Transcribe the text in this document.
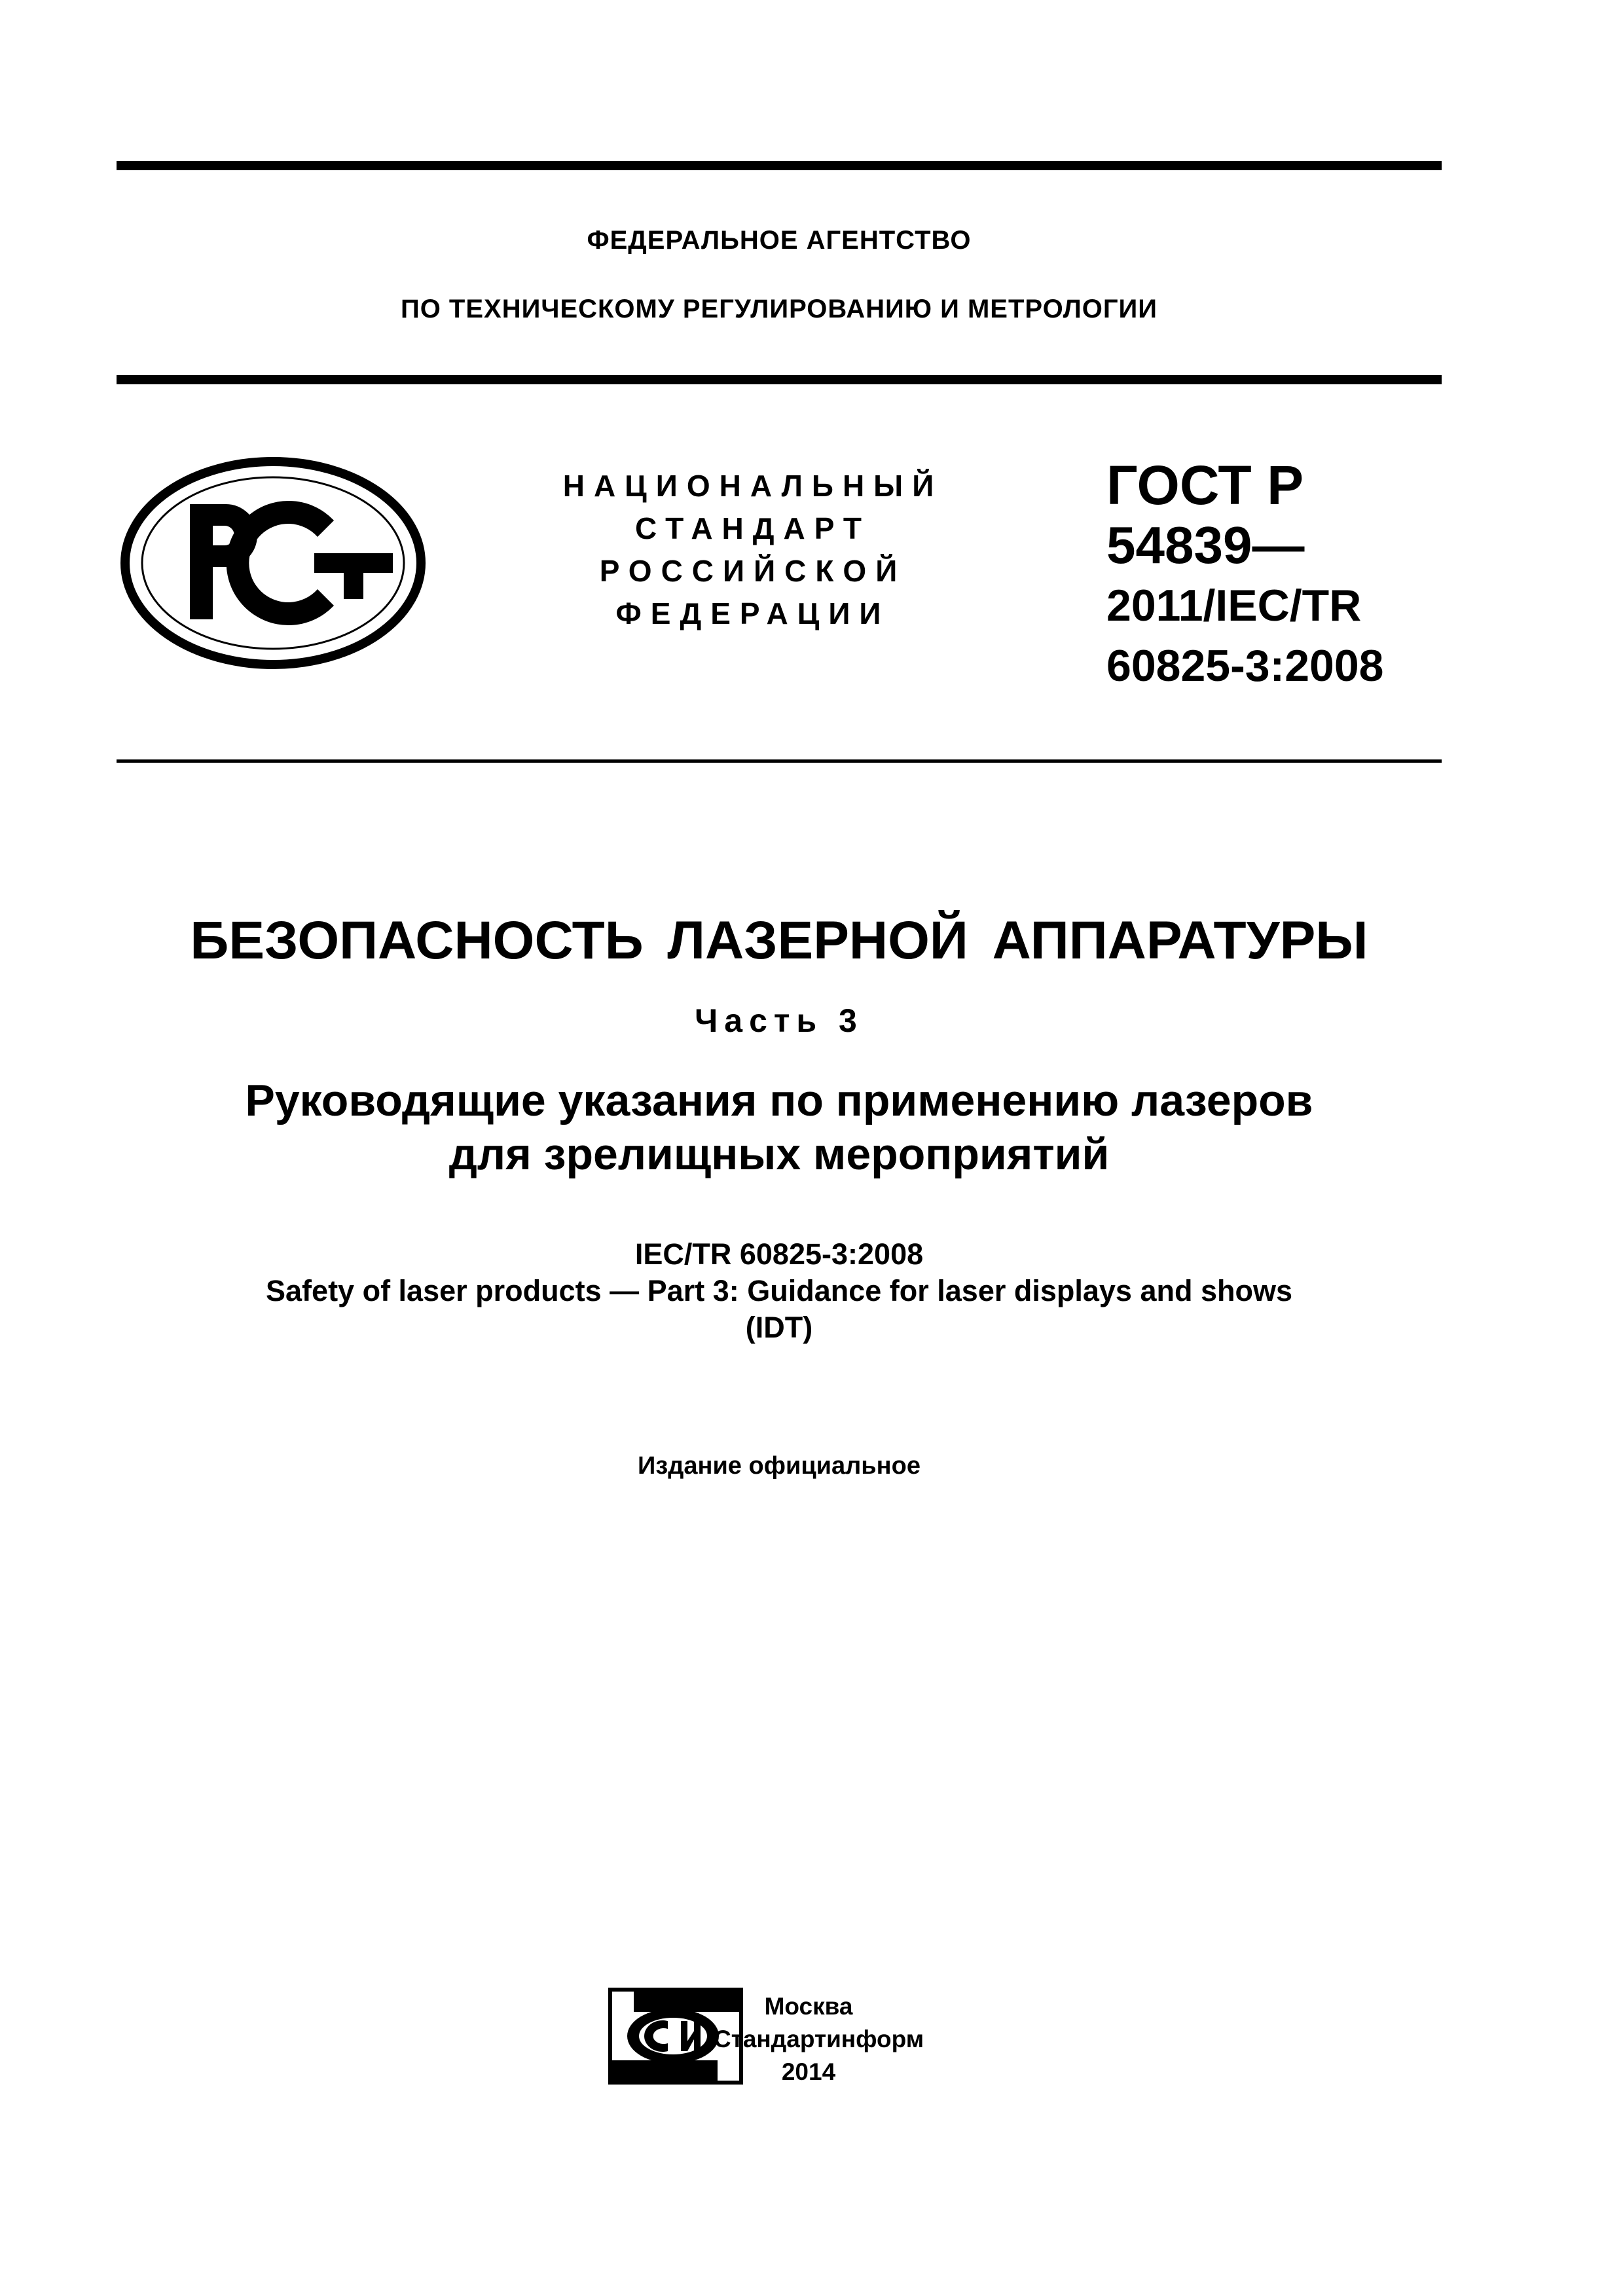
ФЕДЕРАЛЬНОЕ АГЕНТСТВО
ПО ТЕХНИЧЕСКОМУ РЕГУЛИРОВАНИЮ И МЕТРОЛОГИИ
НАЦИОНАЛЬНЫЙ
СТАНДАРТ
РОССИЙСКОЙ
ФЕДЕРАЦИИ
ГОСТ Р
54839—
2011/IEC/TR
60825-3:2008
БЕЗОПАСНОСТЬ ЛАЗЕРНОЙ АППАРАТУРЫ
Часть 3
Руководящие указания по применению лазеров
для зрелищных мероприятий
IEC/TR 60825-3:2008
Safety of laser products — Part 3: Guidance for laser displays and shows
(IDT)
Издание официальное
Москва
Стандартинформ
2014
